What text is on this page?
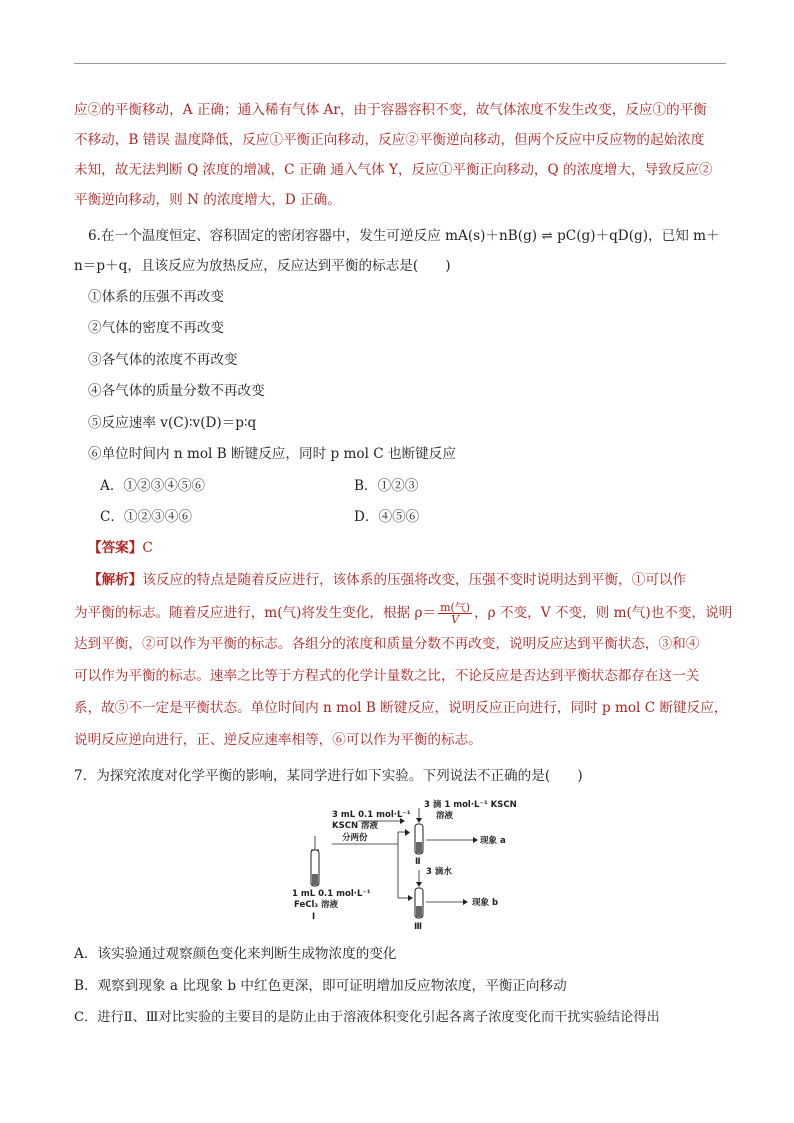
应②的平衡移动，A 正确；通入稀有气体 Ar，由于容器容积不变，故气体浓度不发生改变，反应①的平衡
不移动，B 错误 温度降低，反应①平衡正向移动，反应②平衡逆向移动，但两个反应中反应物的起始浓度
未知，故无法判断 Q 浓度的增减，C 正确 通入气体 Y，反应①平衡正向移动，Q 的浓度增大，导致反应②
平衡逆向移动，则 N 的浓度增大，D 正确。
6.在一个温度恒定、容积固定的密闭容器中，发生可逆反应 mA(s)＋nB(g) ⇌ pC(g)＋qD(g)，已知 m＋
n＝p＋q，且该反应为放热反应，反应达到平衡的标志是(　　)
①体系的压强不再改变
②气体的密度不再改变
③各气体的浓度不再改变
④各气体的质量分数不再改变
⑤反应速率 v(C)∶v(D)＝p∶q
⑥单位时间内 n mol B 断键反应，同时 p mol C 也断键反应
A．①②③④⑤⑥	B．①②③
C．①②③④⑥	D．④⑤⑥
【答案】C
【解析】该反应的特点是随着反应进行，该体系的压强将改变，压强不变时说明达到平衡，①可以作
为平衡的标志。随着反应进行，m(气)将发生变化，根据 $\rho= \frac{\text{m(气)}}{V}$ ，ρ 不变，V 不变，则 m(气)也不变，说明
达到平衡，②可以作为平衡的标志。各组分的浓度和质量分数不再改变，说明反应达到平衡状态，③和④
可以作为平衡的标志。速率之比等于方程式的化学计量数之比，不论反应是否达到平衡状态都存在这一关
系，故⑤不一定是平衡状态。单位时间内 n mol B 断键反应，说明反应正向进行，同时 p mol C 断键反应，
说明反应逆向进行，正、逆反应速率相等，⑥可以作为平衡的标志。
7．为探究浓度对化学平衡的影响，某同学进行如下实验。下列说法不正确的是(　　)
3 mL 0.1 mol·L⁻¹
KSCN 溶液
分两份
1 mL 0.1 mol·L⁻¹
FeCl₃ 溶液
Ⅰ
3 滴 1 mol·L⁻¹ KSCN
溶液
Ⅱ
现象 a
3 滴水
Ⅲ
现象 b
A．该实验通过观察颜色变化来判断生成物浓度的变化
B．观察到现象 a 比现象 b 中红色更深，即可证明增加反应物浓度，平衡正向移动
C．进行Ⅱ、Ⅲ对比实验的主要目的是防止由于溶液体积变化引起各离子浓度变化而干扰实验结论得出
